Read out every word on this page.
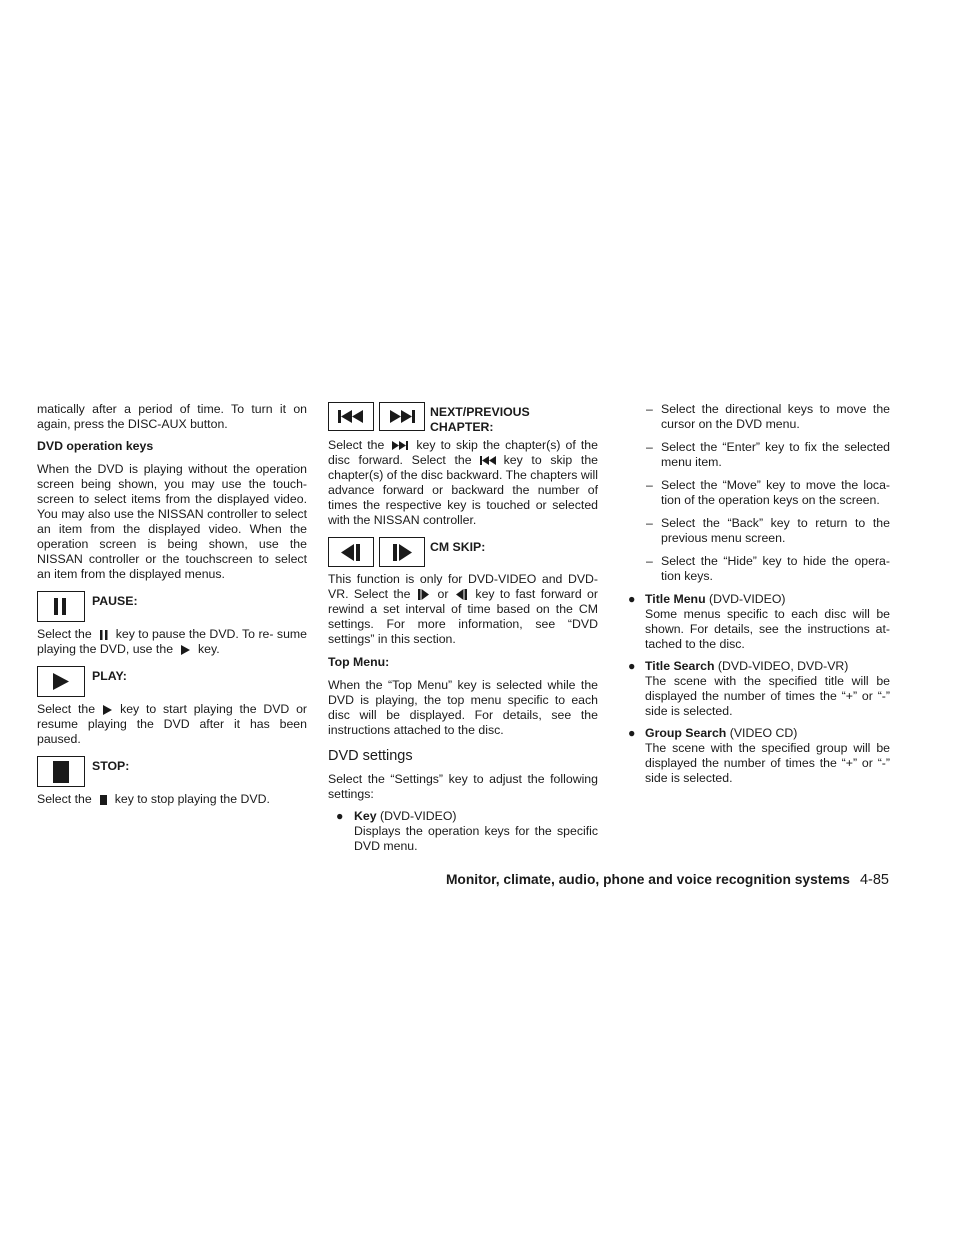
matically after a period of time. To turn it on again, press the DISC-AUX button.

DVD operation keys

When the DVD is playing without the operation screen being shown, you may use the touch-screen to select items from the displayed video. You may also use the NISSAN controller to select an item from the displayed video. When the operation screen is being shown, use the NISSAN controller or the touchscreen to select an item from the displayed menus.

PAUSE:

Select the key to pause the DVD. To re- sume playing the DVD, use the key.

PLAY:

Select the key to start playing the DVD or resume playing the DVD after it has been paused.

STOP:

Select the key to stop playing the DVD.

NEXT/PREVIOUS CHAPTER:

Select the	key to skip the chapter(s) of the disc forward. Select the	key to skip the chapter(s) of the disc backward. The chapters will advance forward or backward the number of times the respective key is touched or selected with the NISSAN controller.

CM SKIP:

This function is only for DVD-VIDEO and DVD-VR. Select the or key to fast forward or rewind a set interval of time based on the CM settings. For more information, see “DVD settings” in this section.

Top Menu:

When the “Top Menu” key is selected while the DVD is playing, the top menu specific to each disc will be displayed. For details, see the instructions attached to the disc.

DVD settings

Select the “Settings” key to adjust the following settings:

● Key (DVD-VIDEO)

Displays the operation keys for the specific DVD menu.

– Select the directional keys to move the cursor on the DVD menu.
– Select the “Enter” key to fix the selected menu item.
– Select the “Move” key to move the loca-tion of the operation keys on the screen.
– Select the “Back” key to return to the previous menu screen.
– Select the “Hide” key to hide the opera-tion keys.
● Title Menu (DVD-VIDEO)

Some menus specific to each disc will be shown. For details, see the instructions at-tached to the disc.

● Title Search (DVD-VIDEO, DVD-VR)

The scene with the specified title will be displayed the number of times the “+” or “-” side is selected.

● Group Search (VIDEO CD)

The scene with the specified group will be displayed the number of times the “+” or “-” side is selected.

Monitor, climate, audio, phone and voice recognition systems 4-85
